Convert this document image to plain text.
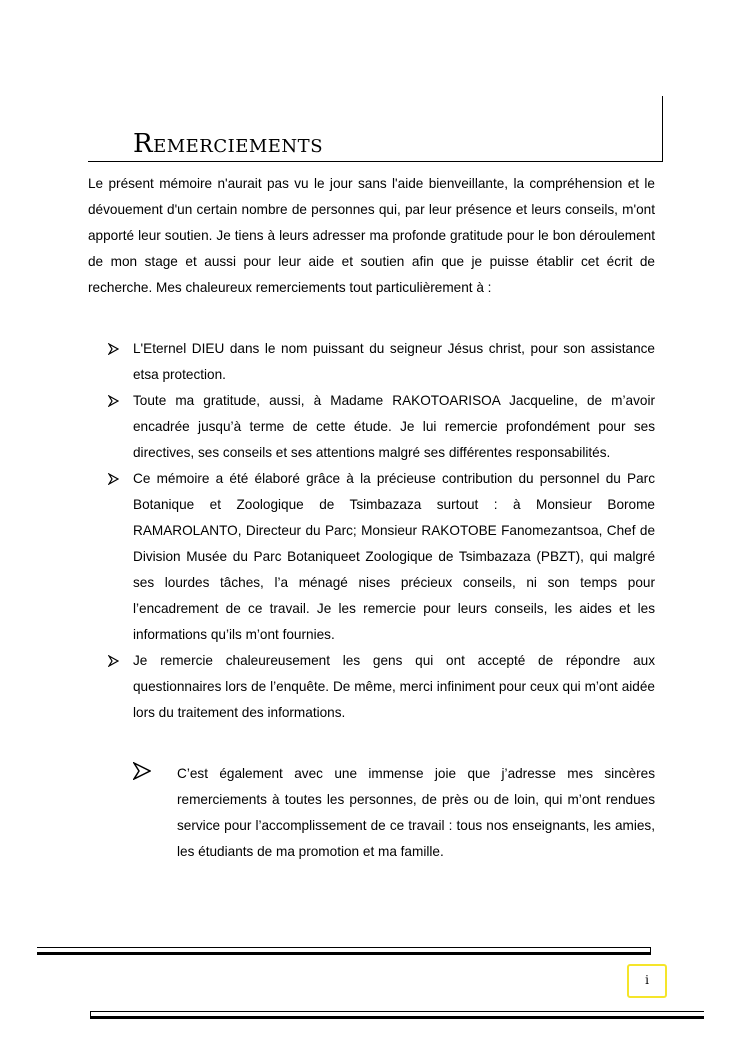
Remerciements

Le présent mémoire n'aurait pas vu le jour sans l'aide bienveillante, la compréhension et le dévouement d'un certain nombre de personnes qui, par leur présence et leurs conseils, m'ont apporté leur soutien. Je tiens à leurs adresser ma profonde gratitude pour le bon déroulement de mon stage et aussi pour leur aide et soutien afin que je puisse établir cet écrit de recherche. Mes chaleureux remerciements tout particulièrement à :

L'Eternel DIEU dans le nom puissant du seigneur Jésus christ, pour son assistance etsa protection.
Toute ma gratitude, aussi, à Madame RAKOTOARISOA Jacqueline, de m’avoir encadrée jusqu’à terme de cette étude. Je lui remercie profondément pour ses directives, ses conseils et ses attentions malgré ses différentes responsabilités.
Ce mémoire a été élaboré grâce à la précieuse contribution du personnel du Parc Botanique et Zoologique de Tsimbazaza surtout : à Monsieur Borome RAMAROLANTO, Directeur du Parc; Monsieur RAKOTOBE Fanomezantsoa, Chef de Division Musée du Parc Botaniqueet Zoologique de Tsimbazaza (PBZT), qui malgré ses lourdes tâches, l’a ménagé nises précieux conseils, ni son temps pour l’encadrement de ce travail. Je les remercie pour leurs conseils, les aides et les informations qu’ils m’ont fournies.
Je remercie chaleureusement les gens qui ont accepté de répondre aux questionnaires lors de l’enquête. De même, merci infiniment pour ceux qui m’ont aidée lors du traitement des informations.
C’est également avec une immense joie que j’adresse mes sincères remerciements à toutes les personnes, de près ou de loin, qui m’ont rendues service pour l’accomplissement de ce travail : tous nos enseignants, les amies, les étudiants de ma promotion et ma famille.
i
